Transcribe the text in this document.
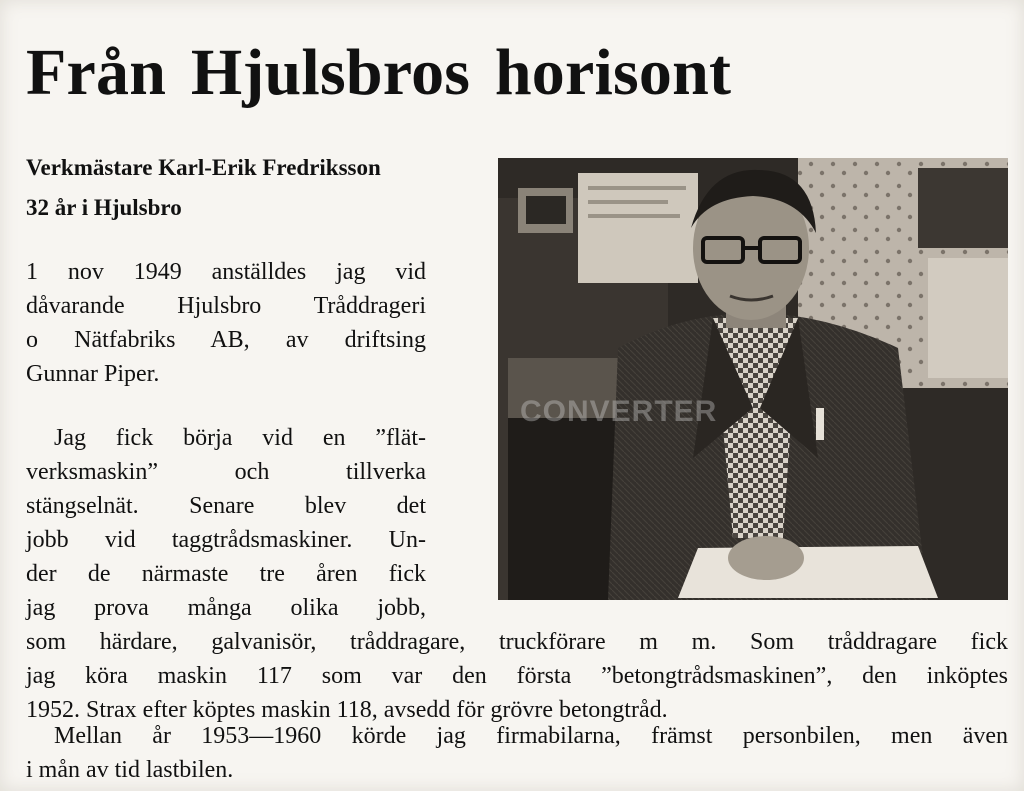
Från Hjulsbros horisont
Verkmästare Karl-Erik Fredriksson
32 år i Hjulsbro
1 nov 1949 anställdes jag vid
dåvarande Hjulsbro Tråddrageri
o Nätfabriks AB, av driftsing
Gunnar Piper.
Jag fick börja vid en ”flät-
verksmaskin” och tillverka
stängselnät. Senare blev det
jobb vid taggtrådsmaskiner. Un-
der de närmaste tre åren fick
jag prova många olika jobb,
som härdare, galvanisör, tråddragare, truckförare m m. Som tråddragare fick
jag köra maskin 117 som var den första ”betongtrådsmaskinen”, den inköptes
1952. Strax efter köptes maskin 118, avsedd för grövre betongtråd.
Mellan år 1953—1960 körde jag firmabilarna, främst personbilen, men även
i mån av tid lastbilen.
CONVERTER
